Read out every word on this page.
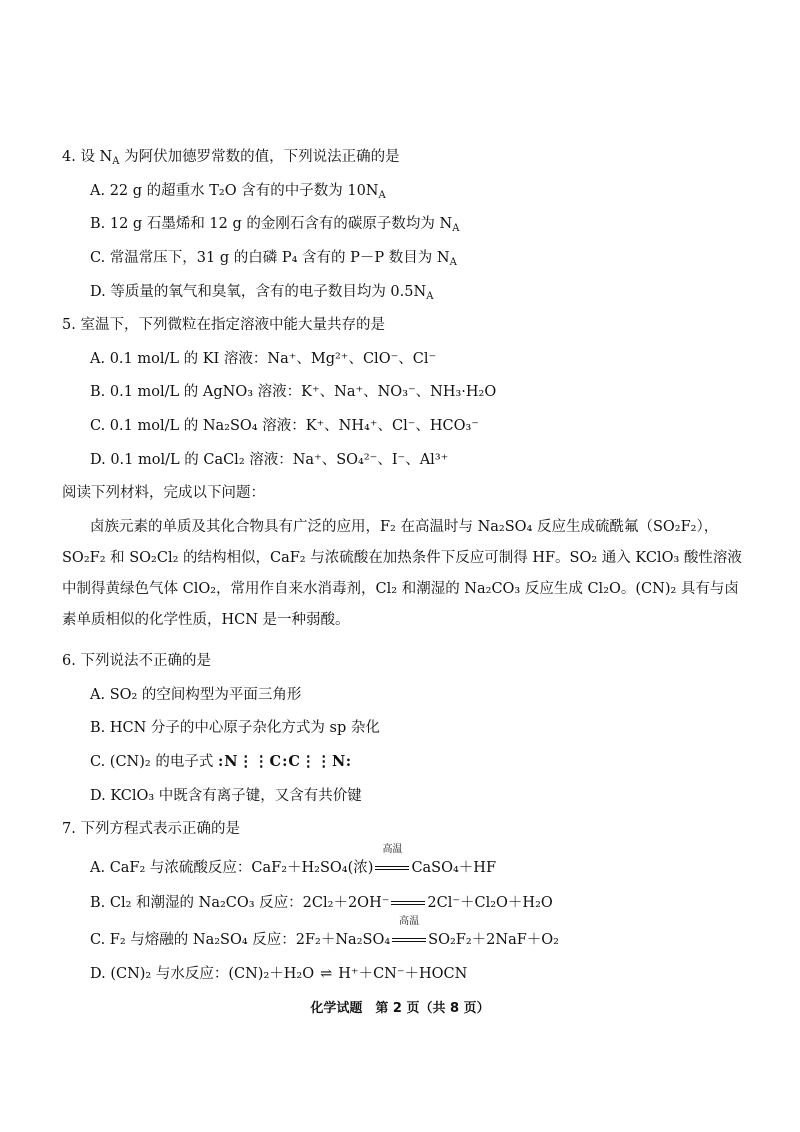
4. 设 $N_A$ 为阿伏加德罗常数的值，下列说法正确的是
A. 22 g 的超重水 T₂O 含有的中子数为 $10N_A$
B. 12 g 石墨烯和 12 g 的金刚石含有的碳原子数均为 $N_A$
C. 常温常压下，31 g 的白磷 P₄ 含有的 P－P 数目为 $N_A$
D. 等质量的氧气和臭氧，含有的电子数目均为 $0.5N_A$
5. 室温下，下列微粒在指定溶液中能大量共存的是
A. 0.1 mol/L 的 KI 溶液：Na⁺、Mg²⁺、ClO⁻、Cl⁻
B. 0.1 mol/L 的 AgNO₃ 溶液：K⁺、Na⁺、NO₃⁻、NH₃·H₂O
C. 0.1 mol/L 的 Na₂SO₄ 溶液：K⁺、NH₄⁺、Cl⁻、HCO₃⁻
D. 0.1 mol/L 的 CaCl₂ 溶液：Na⁺、SO₄²⁻、I⁻、Al³⁺
阅读下列材料，完成以下问题：
卤族元素的单质及其化合物具有广泛的应用，F₂ 在高温时与 Na₂SO₄ 反应生成硫酰氟（SO₂F₂），SO₂F₂ 和 SO₂Cl₂ 的结构相似，CaF₂ 与浓硫酸在加热条件下反应可制得 HF。SO₂ 通入 KClO₃ 酸性溶液中制得黄绿色气体 ClO₂，常用作自来水消毒剂，Cl₂ 和潮湿的 Na₂CO₃ 反应生成 Cl₂O。(CN)₂ 具有与卤素单质相似的化学性质，HCN 是一种弱酸。
6. 下列说法不正确的是
A. SO₂ 的空间构型为平面三角形
B. HCN 分子的中心原子杂化方式为 sp 杂化
C. (CN)₂ 的电子式 :N⋮⋮C:C⋮⋮N:
D. KClO₃ 中既含有离子键，又含有共价键
7. 下列方程式表示正确的是
A. CaF₂ 与浓硫酸反应：CaF₂＋H₂SO₄(浓)
高温
CaSO₄＋HF
B. Cl₂ 和潮湿的 Na₂CO₃ 反应：2Cl₂＋2OH⁻	2Cl⁻＋Cl₂O＋H₂O
C. F₂ 与熔融的 Na₂SO₄ 反应：2F₂＋Na₂SO₄
高温
SO₂F₂＋2NaF＋O₂
D. (CN)₂ 与水反应：(CN)₂＋H₂O ⇌ H⁺＋CN⁻＋HOCN
化学试题　第 2 页（共 8 页）
